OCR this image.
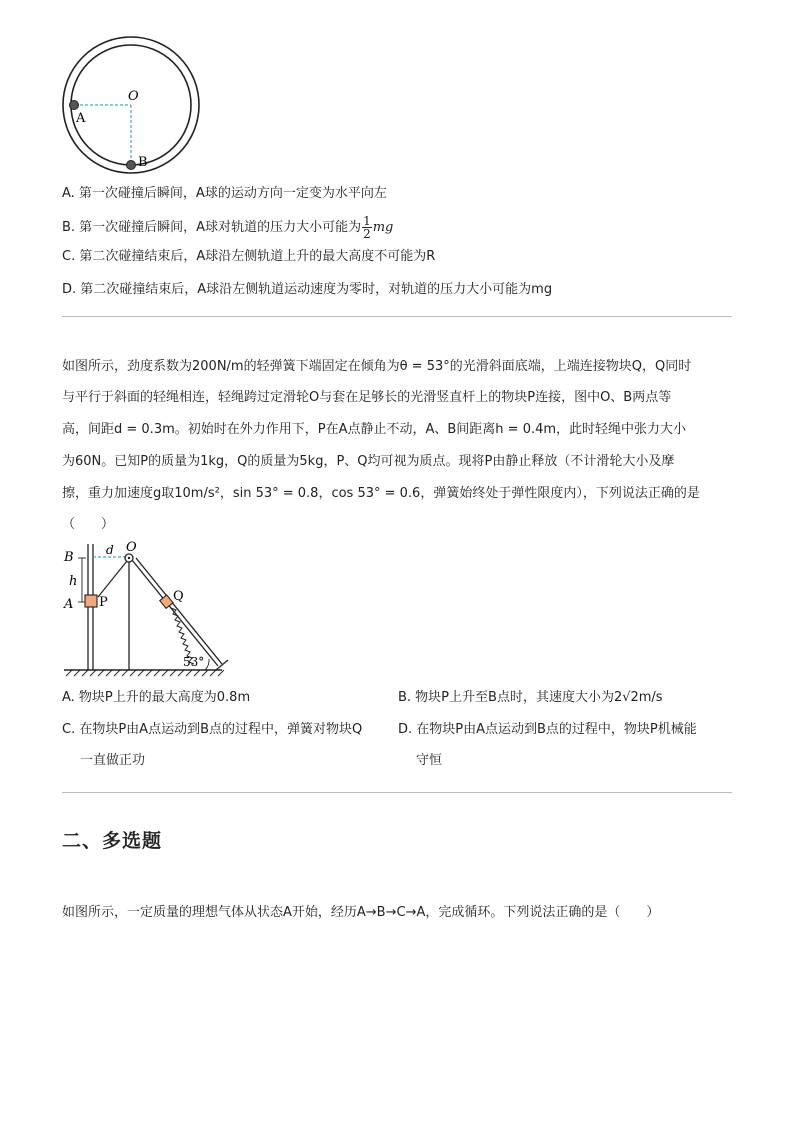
O
A
B
A. 第一次碰撞后瞬间，A球的运动方向一定变为水平向左
B. 第一次碰撞后瞬间，A球对轨道的压力大小可能为 $\frac{1}{2}$ mg
C. 第二次碰撞结束后，A球沿左侧轨道上升的最大高度不可能为R
D. 第二次碰撞结束后，A球沿左侧轨道运动速度为零时，对轨道的压力大小可能为mg
如图所示，劲度系数为200N/m的轻弹簧下端固定在倾角为θ = 53°的光滑斜面底端，上端连接物块Q，Q同时
与平行于斜面的轻绳相连，轻绳跨过定滑轮O与套在足够长的光滑竖直杆上的物块P连接，图中O、B两点等
高，间距d = 0.3m。初始时在外力作用下，P在A点静止不动，A、B间距离h = 0.4m，此时轻绳中张力大小
为60N。已知P的质量为1kg，Q的质量为5kg，P、Q均可视为质点。现将P由静止释放（不计滑轮大小及摩
擦，重力加速度g取10m/s²，sin 53° = 0.8，cos 53° = 0.6，弹簧始终处于弹性限度内），下列说法正确的是
（　　）
B	d O
h
A P	Q
53°
A. 物块P上升的最大高度为0.8m	B. 物块P上升至B点时，其速度大小为2√2m/s
C. 在物块P由A点运动到B点的过程中，弹簧对物块Q
一直做正功
D. 在物块P由A点运动到B点的过程中，物块P机械能
守恒
二、多选题
如图所示，一定质量的理想气体从状态A开始，经历A→B→C→A，完成循环。下列说法正确的是（　　）
